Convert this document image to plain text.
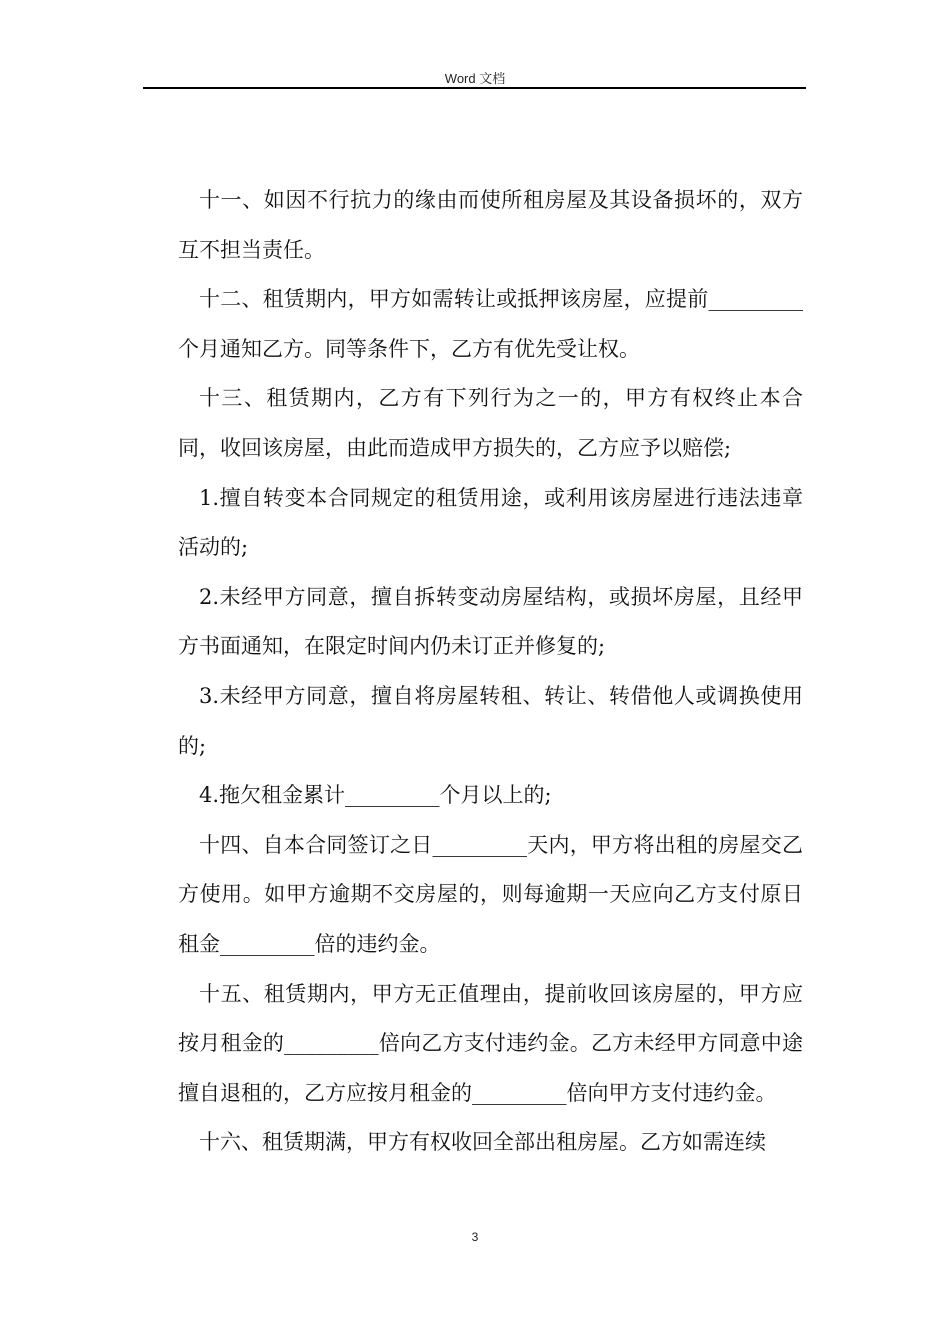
Word 文档

十一、如因不行抗力的缘由而使所租房屋及其设备损坏的，双方互不担当责任。

十二、租赁期内，甲方如需转让或抵押该房屋，应提前_________个月通知乙方。同等条件下，乙方有优先受让权。

十三、租赁期内，乙方有下列行为之一的，甲方有权终止本合同，收回该房屋，由此而造成甲方损失的，乙方应予以赔偿;

1.擅自转变本合同规定的租赁用途，或利用该房屋进行违法违章活动的;

2.未经甲方同意，擅自拆转变动房屋结构，或损坏房屋，且经甲方书面通知，在限定时间内仍未订正并修复的;

3.未经甲方同意，擅自将房屋转租、转让、转借他人或调换使用的;

4.拖欠租金累计_________个月以上的;

十四、自本合同签订之日_________天内，甲方将出租的房屋交乙方使用。如甲方逾期不交房屋的，则每逾期一天应向乙方支付原日租金_________倍的违约金。

十五、租赁期内，甲方无正值理由，提前收回该房屋的，甲方应按月租金的_________倍向乙方支付违约金。乙方未经甲方同意中途擅自退租的，乙方应按月租金的_________倍向甲方支付违约金。

十六、租赁期满，甲方有权收回全部出租房屋。乙方如需连续

3
